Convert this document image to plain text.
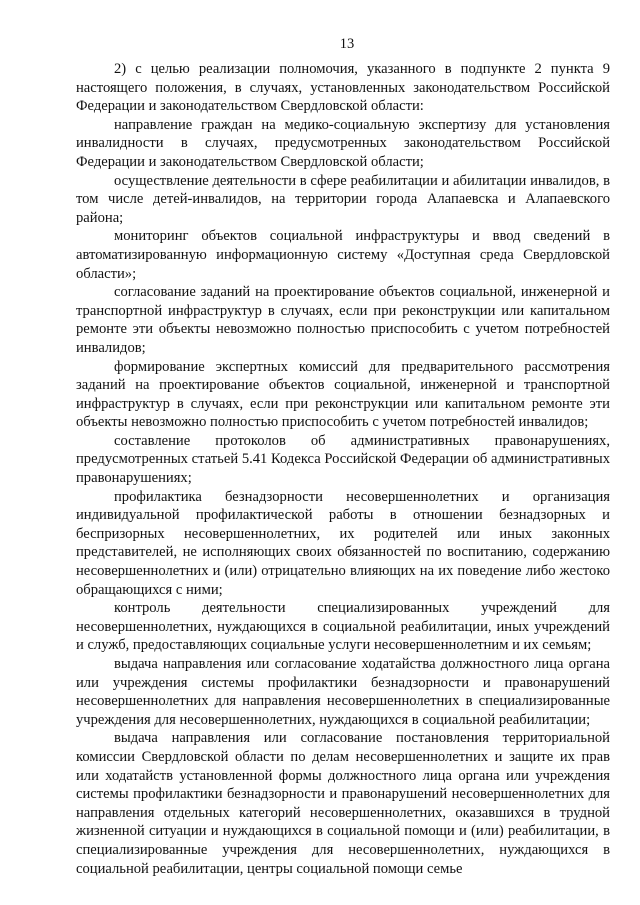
13

2) с целью реализации полномочия, указанного в подпункте 2 пункта 9 настоящего положения, в случаях, установленных законодательством Российской Федерации и законодательством Свердловской области:

направление граждан на медико-социальную экспертизу для установления инвалидности в случаях, предусмотренных законодательством Российской Федерации и законодательством Свердловской области;

осуществление деятельности в сфере реабилитации и абилитации инвалидов, в том числе детей-инвалидов, на территории города Алапаевска и Алапаевского района;

мониторинг объектов социальной инфраструктуры и ввод сведений в автоматизированную информационную систему «Доступная среда Свердловской области»;

согласование заданий на проектирование объектов социальной, инженерной и транспортной инфраструктур в случаях, если при реконструкции или капитальном ремонте эти объекты невозможно полностью приспособить с учетом потребностей инвалидов;

формирование экспертных комиссий для предварительного рассмотрения заданий на проектирование объектов социальной, инженерной и транспортной инфраструктур в случаях, если при реконструкции или капитальном ремонте эти объекты невозможно полностью приспособить с учетом потребностей инвалидов;

составление протоколов об административных правонарушениях, предусмотренных статьей 5.41 Кодекса Российской Федерации об административных правонарушениях;

профилактика безнадзорности несовершеннолетних и организация индивидуальной профилактической работы в отношении безнадзорных и беспризорных несовершеннолетних, их родителей или иных законных представителей, не исполняющих своих обязанностей по воспитанию, содержанию несовершеннолетних и (или) отрицательно влияющих на их поведение либо жестоко обращающихся с ними;

контроль деятельности специализированных учреждений для несовершеннолетних, нуждающихся в социальной реабилитации, иных учреждений и служб, предоставляющих социальные услуги несовершеннолетним и их семьям;

выдача направления или согласование ходатайства должностного лица органа или учреждения системы профилактики безнадзорности и правонарушений несовершеннолетних для направления несовершеннолетних в специализированные учреждения для несовершеннолетних, нуждающихся в социальной реабилитации;

выдача направления или согласование постановления территориальной комиссии Свердловской области по делам несовершеннолетних и защите их прав или ходатайств установленной формы должностного лица органа или учреждения системы профилактики безнадзорности и правонарушений несовершеннолетних для направления отдельных категорий несовершеннолетних, оказавшихся в трудной жизненной ситуации и нуждающихся в социальной помощи и (или) реабилитации, в специализированные учреждения для несовершеннолетних, нуждающихся в социальной реабилитации, центры социальной помощи семье
